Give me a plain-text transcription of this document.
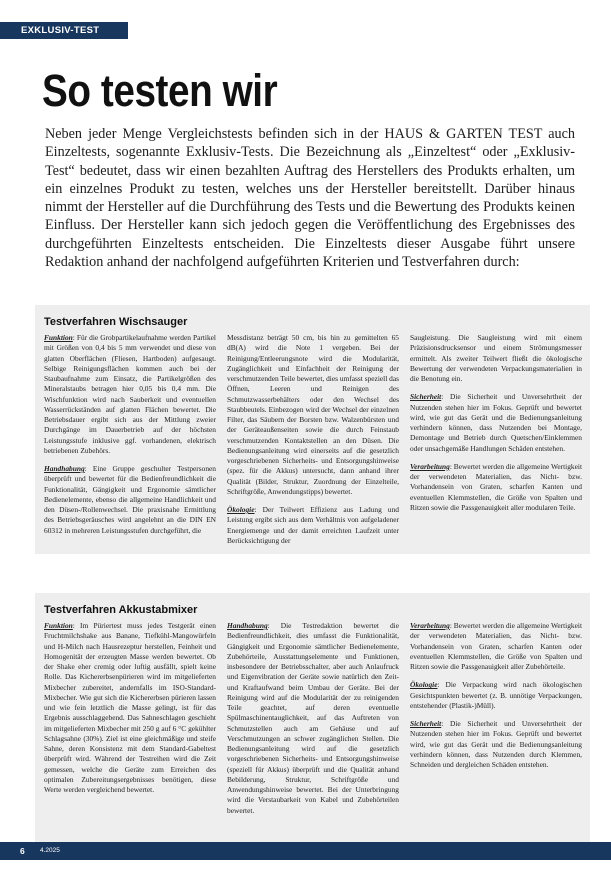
EXKLUSIV-TEST
So testen wir

Neben jeder Menge Vergleichstests befinden sich in der HAUS & GARTEN TEST auch Einzeltests, sogenannte Exklusiv-Tests. Die Bezeichnung als „Einzeltest“ oder „Exklusiv-Test“ bedeutet, dass wir einen bezahlten Auftrag des Herstellers des Produkts erhalten, um ein einzelnes Produkt zu testen, welches uns der Hersteller bereitstellt. Darüber hinaus nimmt der Hersteller auf die Durchführung des Tests und die Bewertung des Produkts keinen Einfluss. Der Hersteller kann sich jedoch gegen die Veröffentlichung des Ergebnisses des durchgeführten Einzeltests entscheiden. Die Einzeltests dieser Ausgabe führt unsere Redaktion anhand der nachfolgend aufgeführten Kriterien und Testverfahren durch:

Testverfahren Wischsauger

Funktion: Für die Grobpartikelaufnahme werden Partikel mit Größen von 0,4 bis 5 mm verwendet und diese von glatten Oberflächen (Fliesen, Hartboden) aufgesaugt. Selbige Reinigungsflächen kommen auch bei der Staubaufnahme zum Einsatz, die Partikelgrößen des Mineralstaubs betragen hier 0,05 bis 0,4 mm. Die Wischfunktion wird nach Sauberkeit und eventuellen Wasserrückständen auf glatten Flächen bewertet. Die Betriebsdauer ergibt sich aus der Mittlung zweier Durchgänge im Dauerbetrieb auf der höchsten Leistungsstufe inklusive ggf. vorhandenen, elektrisch betriebenen Zubehörs.

Handhabung: Eine Gruppe geschulter Testpersonen überprüft und bewertet für die Bedienfreundlichkeit die Funktionalität, Gängigkeit und Ergonomie sämtlicher Bedienelemente, ebenso die allgemeine Handlichkeit und den Düsen-/Rollenwechsel. Die praxisnahe Ermittlung des Betriebsgeräusches wird angelehnt an die DIN EN 60312 in mehreren Leistungsstufen durchgeführt, die

Messdistanz beträgt 50 cm, bis hin zu gemittelten 65 dB(A) wird die Note 1 vergeben. Bei der Reinigung/Entleerungsnote wird die Modularität, Zugänglichkeit und Einfachheit der Reinigung der verschmutzenden Teile bewertet, dies umfasst speziell das Öffnen, Leeren und Reinigen des Schmutzwasserbehälters oder den Wechsel des Staubbeutels. Einbezogen wird der Wechsel der einzelnen Filter, das Säubern der Borsten bzw. Walzenbürsten und der Geräteaußenseiten sowie die durch Feinstaub verschmutzenden Kontaktstellen an den Düsen. Die Bedienungsanleitung wird einerseits auf die gesetzlich vorgeschriebenen Sicherheits- und Entsorgungshinweise (spez. für die Akkus) untersucht, dann anhand ihrer Qualität (Bilder, Struktur, Zuordnung der Einzelteile, Schriftgröße, Anwendungstipps) bewertet.

Ökologie: Der Teilwert Effizienz aus Ladung und Leistung ergibt sich aus dem Verhältnis von aufgeladener Energiemenge und der damit erreichten Laufzeit unter Berücksichtigung der

Saugleistung. Die Saugleistung wird mit einem Präzisionsdrucksensor und einem Strömungsmesser ermittelt. Als zweiter Teilwert fließt die ökologische Bewertung der verwendeten Verpackungsmaterialien in die Benotung ein.

Sicherheit: Die Sicherheit und Unversehrtheit der Nutzenden stehen hier im Fokus. Geprüft und bewertet wird, wie gut das Gerät und die Bedienungsanleitung verhindern können, dass Nutzenden bei Montage, Demontage und Betrieb durch Quetschen/Einklemmen oder unsachgemäße Handlungen Schäden entstehen.

Verarbeitung: Bewertet werden die allgemeine Wertigkeit der verwendeten Materialien, das Nicht- bzw. Vorhandensein von Graten, scharfen Kanten und eventuellen Klemmstellen, die Größe von Spalten und Ritzen sowie die Passgenauigkeit aller modularen Teile.

Testverfahren Akkustabmixer

Funktion: Im Püriertest muss jedes Testgerät einen Fruchtmilchshake aus Banane, Tiefkühl-Mangowürfeln und H-Milch nach Hausrezeptur herstellen, Feinheit und Homogenität der erzeugten Masse werden bewertet. Ob der Shake eher cremig oder luftig ausfällt, spielt keine Rolle. Das Kichererbsenpürieren wird im mitgelieferten Mixbecher zubereitet, andernfalls im ISO-Standard-Mixbecher. Wie gut sich die Kichererbsen pürieren lassen und wie fein letztlich die Masse gelingt, ist für das Ergebnis ausschlaggebend. Das Sahneschlagen geschieht im mitgelieferten Mixbecher mit 250 g auf 6 °C gekühlter Schlagsahne (30%). Ziel ist eine gleichmäßige und steife Sahne, deren Konsistenz mit dem Standard-Gabeltest überprüft wird. Während der Testreihen wird die Zeit gemessen, welche die Geräte zum Erreichen des optimalen Zubereitungsergebnisses benötigen, diese Werte werden vergleichend bewertet.

Handhabung: Die Testredaktion bewertet die Bedienfreundlichkeit, dies umfasst die Funktionalität, Gängigkeit und Ergonomie sämtlicher Bedienelemente, Zubehörteile, Ausstattungselemente und Funktionen, insbesondere der Betriebsschalter, aber auch Anlaufruck und Eigenvibration der Geräte sowie natürlich den Zeit- und Kraftaufwand beim Umbau der Geräte. Bei der Reinigung wird auf die Modularität der zu reinigenden Teile geachtet, auf deren eventuelle Spülmaschinentauglichkeit, auf das Auftreten von Schmutzstellen auch am Gehäuse und auf Verschmutzungen an schwer zugänglichen Stellen. Die Bedienungsanleitung wird auf die gesetzlich vorgeschriebenen Sicherheits- und Entsorgungshinweise (speziell für Akkus) überprüft und die Qualität anhand Bebilderung, Struktur, Schriftgröße und Anwendungshinweise bewertet. Bei der Unterbringung wird die Verstaubarkeit von Kabel und Zubehörteilen bewertet.

Verarbeitung: Bewertet werden die allgemeine Wertigkeit der verwendeten Materialien, das Nicht- bzw. Vorhandensein von Graten, scharfen Kanten oder eventuellen Klemmstellen, die Größe von Spalten und Ritzen sowie die Passgenauigkeit aller Zubehörteile.

Ökologie: Die Verpackung wird nach ökologischen Gesichtspunkten bewertet (z. B. unnötige Verpackungen, entstehender (Plastik-)Müll).

Sicherheit: Die Sicherheit und Unversehrtheit der Nutzenden stehen hier im Fokus. Geprüft und bewertet wird, wie gut das Gerät und die Bedienungsanleitung verhindern können, dass Nutzenden durch Klemmen, Schneiden und dergleichen Schäden entstehen.

6 4.2025
